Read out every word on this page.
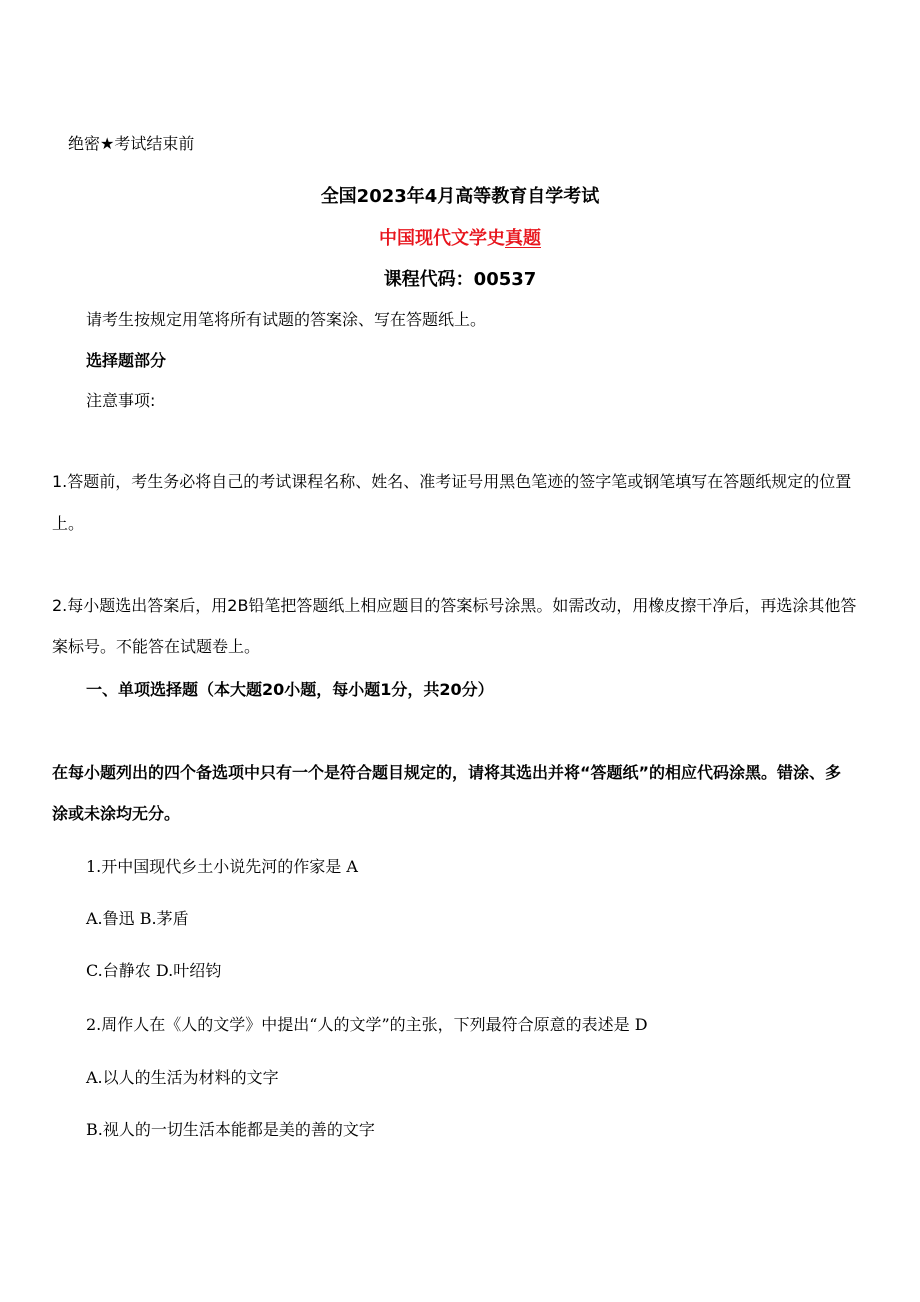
绝密★考试结束前
全国2023年4月高等教育自学考试
中国现代文学史真题
课程代码：00537
请考生按规定用笔将所有试题的答案涂、写在答题纸上。
选择题部分
注意事项:
1.答题前，考生务必将自己的考试课程名称、姓名、准考证号用黑色笔迹的签字笔或钢笔填写在答题纸规定的位置
上。
2.每小题选出答案后，用2B铅笔把答题纸上相应题目的答案标号涂黑。如需改动，用橡皮擦干净后，再选涂其他答
案标号。不能答在试题卷上。
一、单项选择题（本大题20小题，每小题1分，共20分）
在每小题列出的四个备选项中只有一个是符合题目规定的，请将其选出并将“答题纸”的相应代码涂黑。错涂、多
涂或未涂均无分。
1.开中国现代乡土小说先河的作家是 A
A.鲁迅 B.茅盾
C.台静农 D.叶绍钧
2.周作人在《人的文学》中提出“人的文学”的主张，下列最符合原意的表述是 D
A.以人的生活为材料的文字
B.视人的一切生活本能都是美的善的文字
